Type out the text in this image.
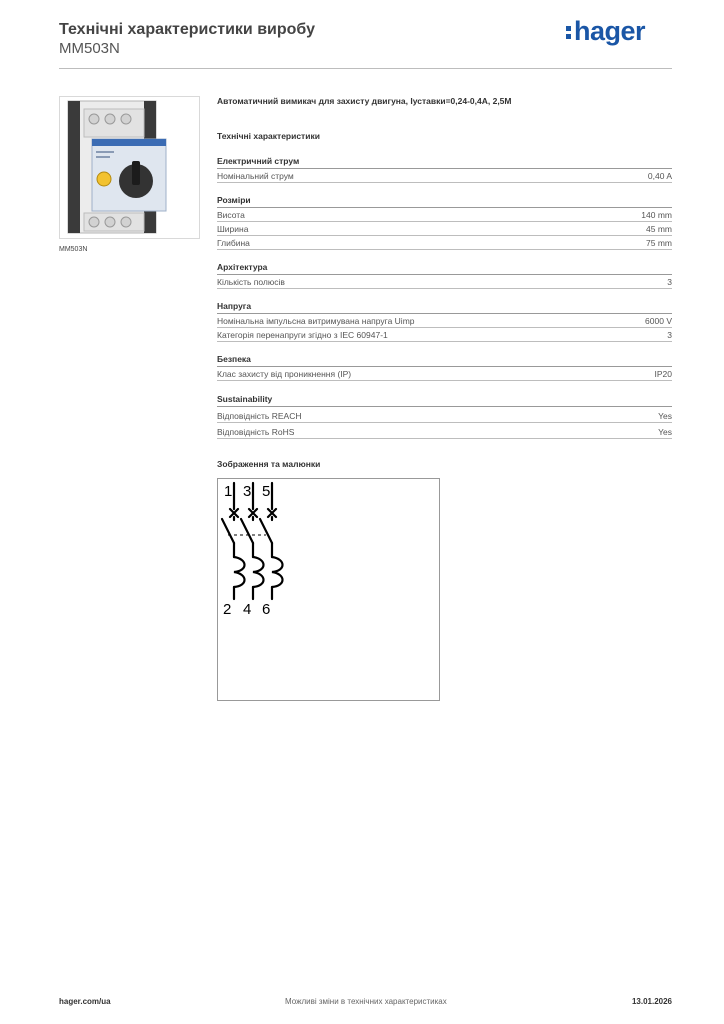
Технічні характеристики виробу
MM503N
hager
MM503N
Автоматичний вимикач для захисту двигуна, Іуставки=0,24-0,4А, 2,5М
Технічні характеристики
Електричний струм
Номінальний струм	0,40 A
Розміри
Висота	140 mm
Ширина	45 mm
Глибина	75 mm
Архітектура
Кількість полюсів	3
Напруга
Номінальна імпульсна витримувана напруга Uimp	6000 V
Категорія перенапруги згідно з IEC 60947-1	3
Безпека
Клас захисту від проникнення (IP)	IP20
Sustainability
Відповідність REACH	Yes
Відповідність RoHS	Yes
Зображення та малюнки
1 3 5
2 4 6
hager.com/ua	Можливі зміни в технічних характеристиках	13.01.2026
